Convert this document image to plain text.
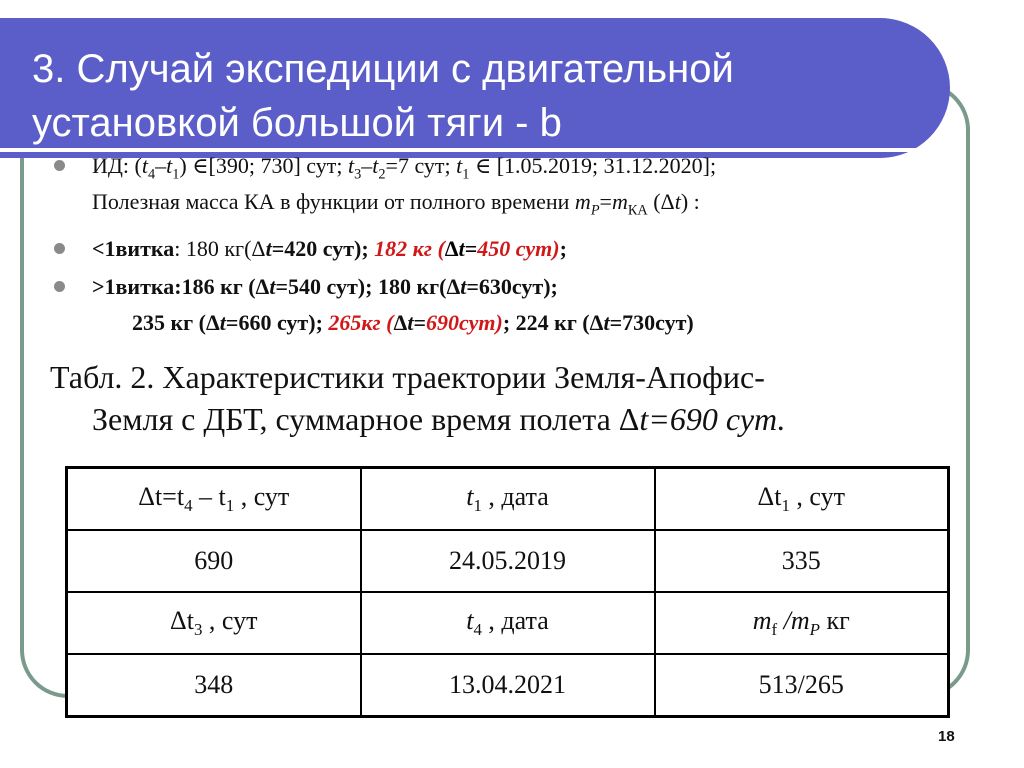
3. Случай экспедиции с двигательной
установкой большой тяги - b
ИД: $(t_4-t_1)$ ∈[390; 730] сут; $t_3-t_2=7$ сут; $t_1$ ∈ [1.05.2019; 31.12.2020];
Полезная масса КА в функции от полного времени $m_P=m_{КА}$ (Δt) :
<1витка: 180 кг(Δt=420 сут); 182 кг (Δt=450 сут);
>1витка:186 кг (Δt=540 сут); 180 кг(Δt=630сут);
235 кг (Δt=660 сут); 265кг (Δt=690сут); 224 кг (Δt=730сут)
Табл. 2. Характеристики траектории Земля-Апофис-
Земля с ДБТ, суммарное время полета Δt=690 сут.
$\Delta t=t_4 - t_1$ , сут	$t_1$ , дата	$\Delta t_1$ , сут
690	24.05.2019	335
$\Delta t_3$ , сут	$t_4$ , дата	$m_f$ $/m_P$ кг
348	13.04.2021	513/265
18
